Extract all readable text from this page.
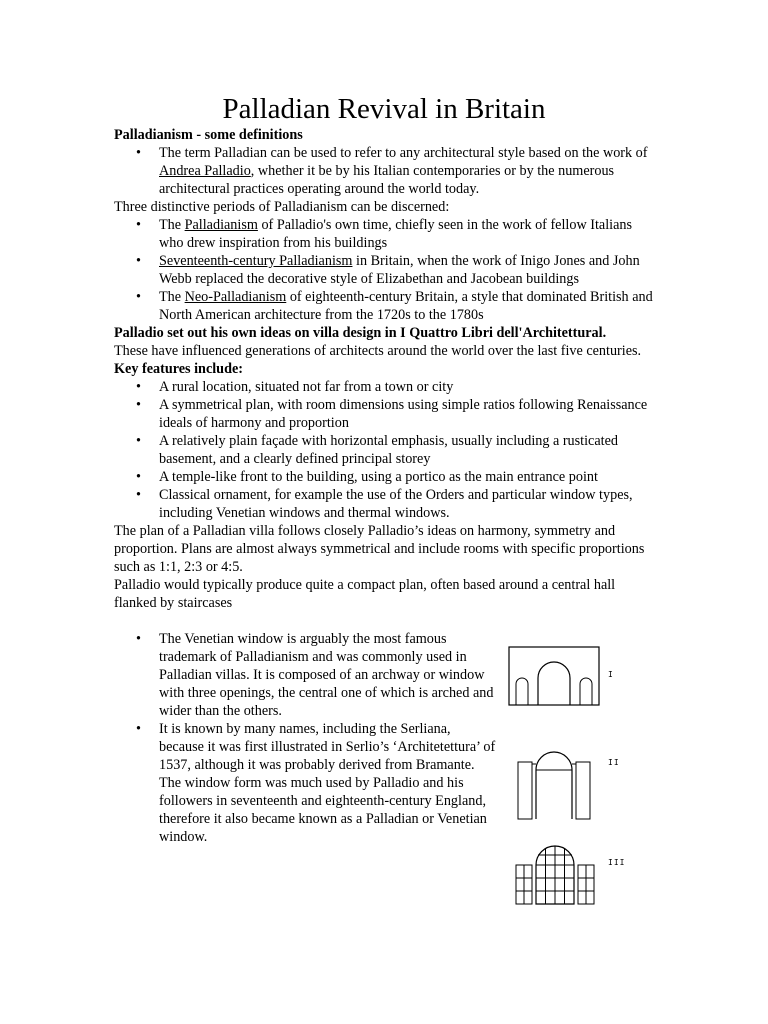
Palladian Revival in Britain

Palladianism - some definitions

• The term Palladian can be used to refer to any architectural style based on the work of Andrea Palladio, whether it be by his Italian contemporaries or by the numerous architectural practices operating around the world today.

Three distinctive periods of Palladianism can be discerned:

• The Palladianism of Palladio's own time, chiefly seen in the work of fellow Italians who drew inspiration from his buildings
• Seventeenth-century Palladianism in Britain, when the work of Inigo Jones and John Webb replaced the decorative style of Elizabethan and Jacobean buildings
• The Neo-Palladianism of eighteenth-century Britain, a style that dominated British and North American architecture from the 1720s to the 1780s

Palladio set out his own ideas on villa design in I Quattro Libri dell'Architettural.

These have influenced generations of architects around the world over the last five centuries.

Key features include:

• A rural location, situated not far from a town or city
• A symmetrical plan, with room dimensions using simple ratios following Renaissance ideals of harmony and proportion
• A relatively plain façade with horizontal emphasis, usually including a rusticated basement, and a clearly defined principal storey
• A temple-like front to the building, using a portico as the main entrance point
• Classical ornament, for example the use of the Orders and particular window types, including Venetian windows and thermal windows.

The plan of a Palladian villa follows closely Palladio’s ideas on harmony, symmetry and proportion. Plans are almost always symmetrical and include rooms with specific proportions such as 1:1, 2:3 or 4:5.

Palladio would typically produce quite a compact plan, often based around a central hall flanked by staircases

• The Venetian window is arguably the most famous trademark of Palladianism and was commonly used in Palladian villas. It is composed of an archway or window with three openings, the central one of which is arched and wider than the others.
• It is known by many names, including the Serliana, because it was first illustrated in Serlio’s ‘Architetettura’ of 1537, although it was probably derived from Bramante. The window form was much used by Palladio and his followers in seventeenth and eighteenth-century England, therefore it also became known as a Palladian or Venetian window.
I
II
III
